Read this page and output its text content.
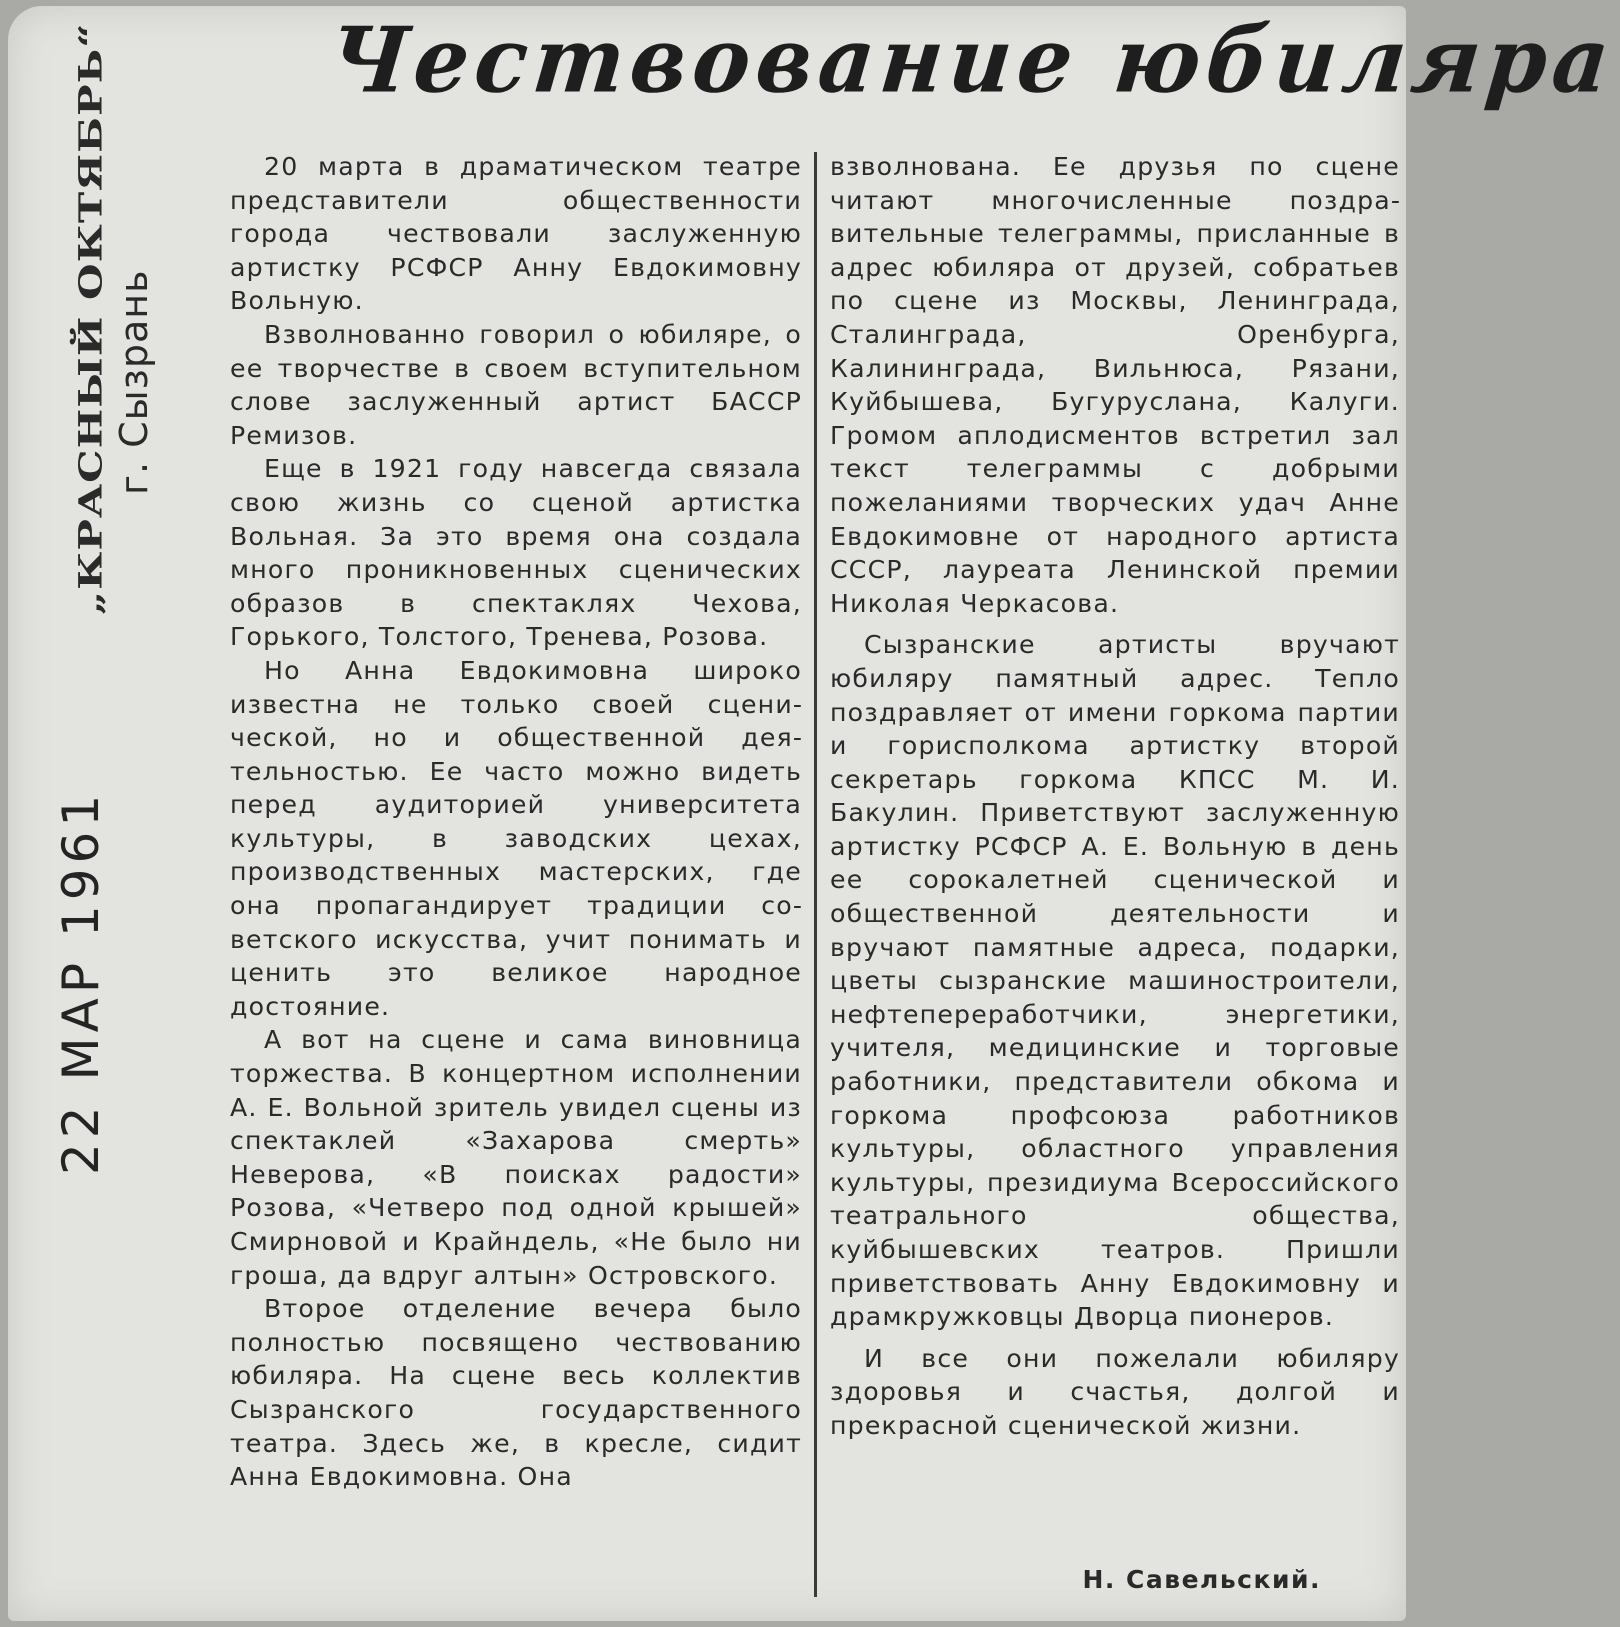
„КРАСНЫЙ ОКТЯБРЬ“ г. Сызрань
22 МАР 1961
Чествование юбиляра

20 марта в драматическом театре представители общественности города чествовали заслуженную артистку РСФСР Анну Евдокимовну Вольную.

Взволнованно говорил о юбиляре, о ее творчестве в своем вступительном слове заслуженный артист БАССР Ремизов.

Еще в 1921 году навсегда связала свою жизнь со сценой артистка Вольная. За это время она создала много проникновенных сценических образов в спектаклях Чехова, Горького, Толстого, Тренева, Розова.

Но Анна Евдокимовна широко известна не только своей сценической, но и общественной деятельностью. Ее часто можно видеть перед аудиторией университета культуры, в заводских цехах, производственных мастерских, где она пропагандирует традиции советского искусства, учит понимать и ценить это великое народное достояние.

А вот на сцене и сама виновница торжества. В концертном исполнении А. Е. Вольной зритель увидел сцены из спектаклей «Захарова смерть» Неверова, «В поисках радости» Розова, «Четверо под одной крышей» Смирновой и Крайндель, «Не было ни гроша, да вдруг алтын» Островского.

Второе отделение вечера было полностью посвящено чествованию юбиляра. На сцене весь коллектив Сызранского государственного театра. Здесь же, в кресле, сидит Анна Евдокимовна. Она

взволнована. Ее друзья по сцене читают многочисленные поздравительные телеграммы, присланные в адрес юбиляра от друзей, собратьев по сцене из Москвы, Ленинграда, Сталинграда, Оренбурга, Калининграда, Вильнюса, Рязани, Куйбышева, Бугуруслана, Калуги. Громом аплодисментов встретил зал текст телеграммы с добрыми пожеланиями творческих удач Анне Евдокимовне от народного артиста СССР, лауреата Ленинской премии Николая Черкасова.

Сызранские артисты вручают юбиляру памятный адрес. Тепло поздравляет от имени горкома партии и горисполкома артистку второй секретарь горкома КПСС М. И. Бакулин. Приветствуют заслуженную артистку РСФСР А. Е. Вольную в день ее сорокалетней сценической и общественной деятельности и вручают памятные адреса, подарки, цветы сызранские машиностроители, нефтепереработчики, энергетики, учителя, медицинские и торговые работники, представители обкома и горкома профсоюза работников культуры, областного управления культуры, президиума Всероссийского театрального общества, куйбышевских театров. Пришли приветствовать Анну Евдокимовну и драмкружковцы Дворца пионеров.

И все они пожелали юбиляру здоровья и счастья, долгой и прекрасной сценической жизни.

Н. Савельский.
